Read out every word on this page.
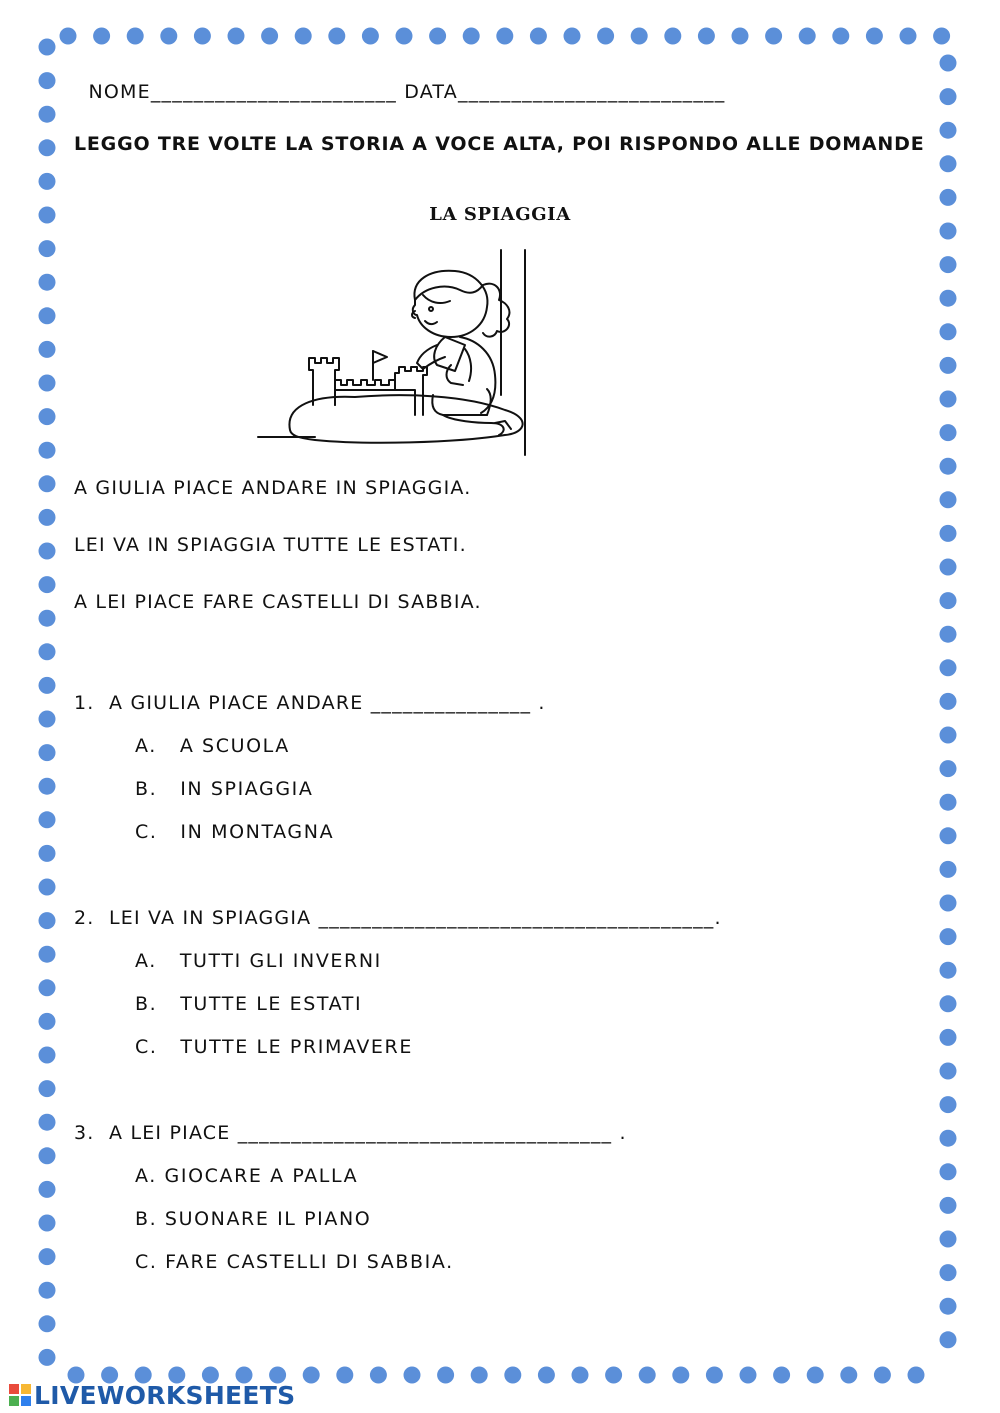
NOME_______________________ DATA_________________________

LEGGO TRE VOLTE LA STORIA A VOCE ALTA, POI RISPONDO ALLE DOMANDE
LA SPIAGGIA
A GIULIA PIACE ANDARE IN SPIAGGIA.
LEI VA IN SPIAGGIA TUTTE LE ESTATI.
A LEI PIACE FARE CASTELLI DI SABBIA.
1.  A GIULIA PIACE ANDARE _______________ .
A.   A SCUOLA
B.   IN SPIAGGIA
C.   IN MONTAGNA
2.  LEI VA IN SPIAGGIA _____________________________________.
A.   TUTTI GLI INVERNI
B.   TUTTE LE ESTATI
C.   TUTTE LE PRIMAVERE
3.  A LEI PIACE ___________________________________ .
A. GIOCARE A PALLA
B. SUONARE IL PIANO
C. FARE CASTELLI DI SABBIA.
LIVEWORKSHEETS
